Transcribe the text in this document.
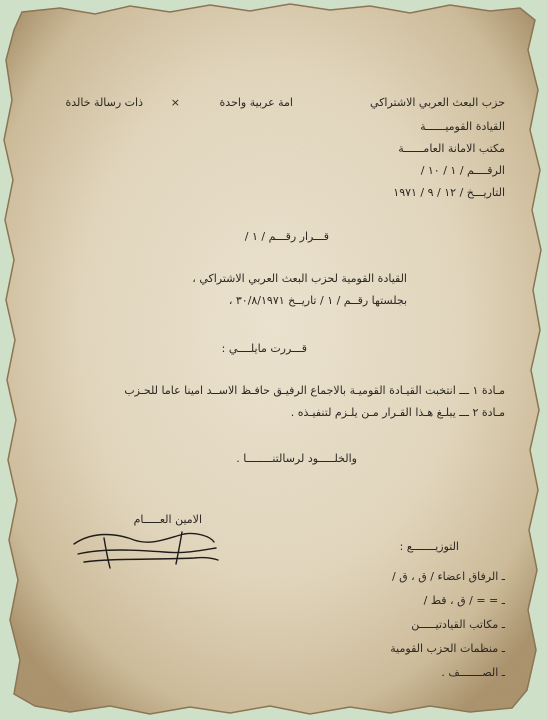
حزب البعث العربي الاشتراكي
امة عربية واحدة
×
ذات رسالة خالدة
القيادة القوميــــــة
مكتب الامانة العامــــــة
الرقــــم / ١ / ١٠ /
التاريـــخ / ١٢ / ٩ / ١٩٧١
قـــرار رقـــم / ١ /
القيادة القومية لحزب البعث العربي الاشتراكي ،
بجلستها رقــم / ١ / تاريــخ ٣٠/٨/١٩٧١ ،
قـــررت مايلــــي :
مـادة ١ ـــ انتخبت القيـادة القوميـة بالاجماع الرفيـق حافـظ الاســد امينا عاما للحـزب
مـادة ٢ ـــ يبلـغ هـذا القـرار مـن يلـزم لتنفيـذه .
والخلـــــود لرسالتنــــــــا .
الامين العـــــام
التوزيـــــــع :
ـ الرفاق اعضاء / ق ، ق /
ـ = = / ق ، قط /
ـ مكاتب القيادتيـــــن
ـ منظمات الحزب القومية
ـ الصـــــــف .
